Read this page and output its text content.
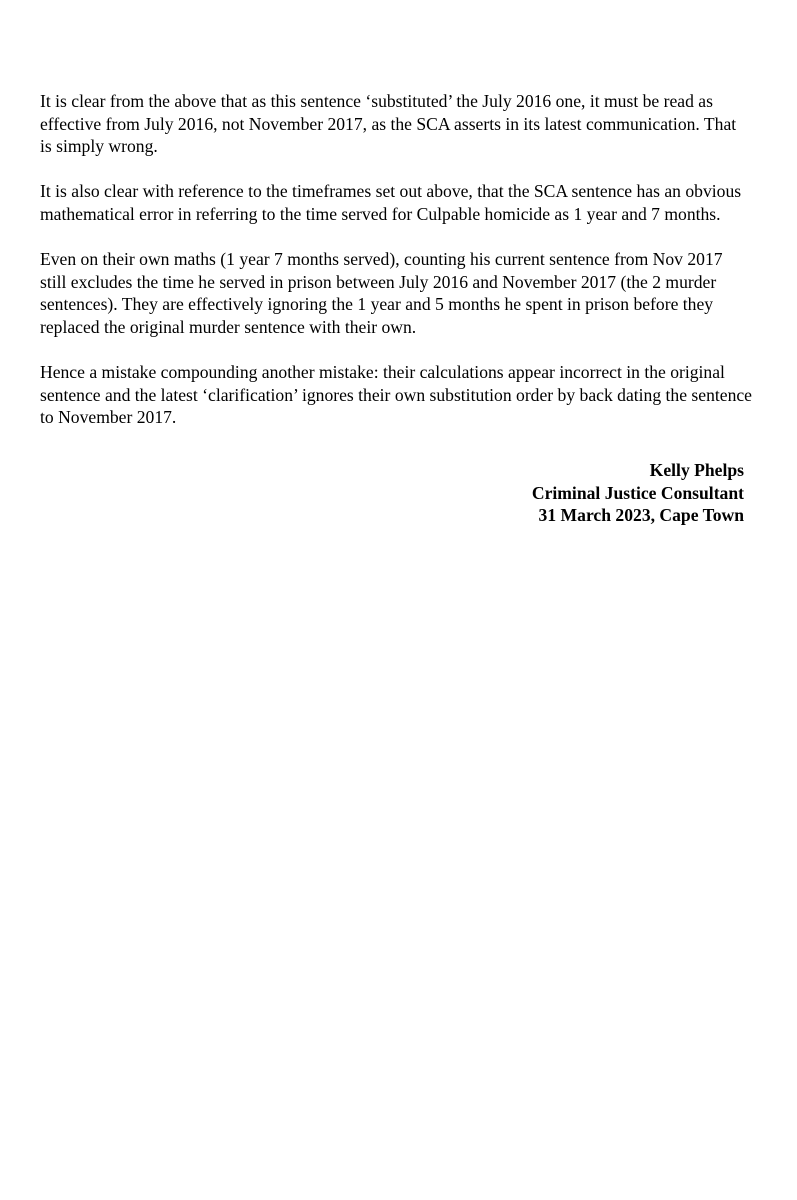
It is clear from the above that as this sentence ‘substituted’ the July 2016 one, it must be read as effective from July 2016, not November 2017, as the SCA asserts in its latest communication. That is simply wrong.

It is also clear with reference to the timeframes set out above, that the SCA sentence has an obvious mathematical error in referring to the time served for Culpable homicide as 1 year and 7 months.

Even on their own maths (1 year 7 months served), counting his current sentence from Nov 2017 still excludes the time he served in prison between July 2016 and November 2017 (the 2 murder sentences). They are effectively ignoring the 1 year and 5 months he spent in prison before they replaced the original murder sentence with their own.

Hence a mistake compounding another mistake: their calculations appear incorrect in the original sentence and the latest ‘clarification’ ignores their own substitution order by back dating the sentence to November 2017.

Kelly Phelps
Criminal Justice Consultant
31 March 2023, Cape Town
